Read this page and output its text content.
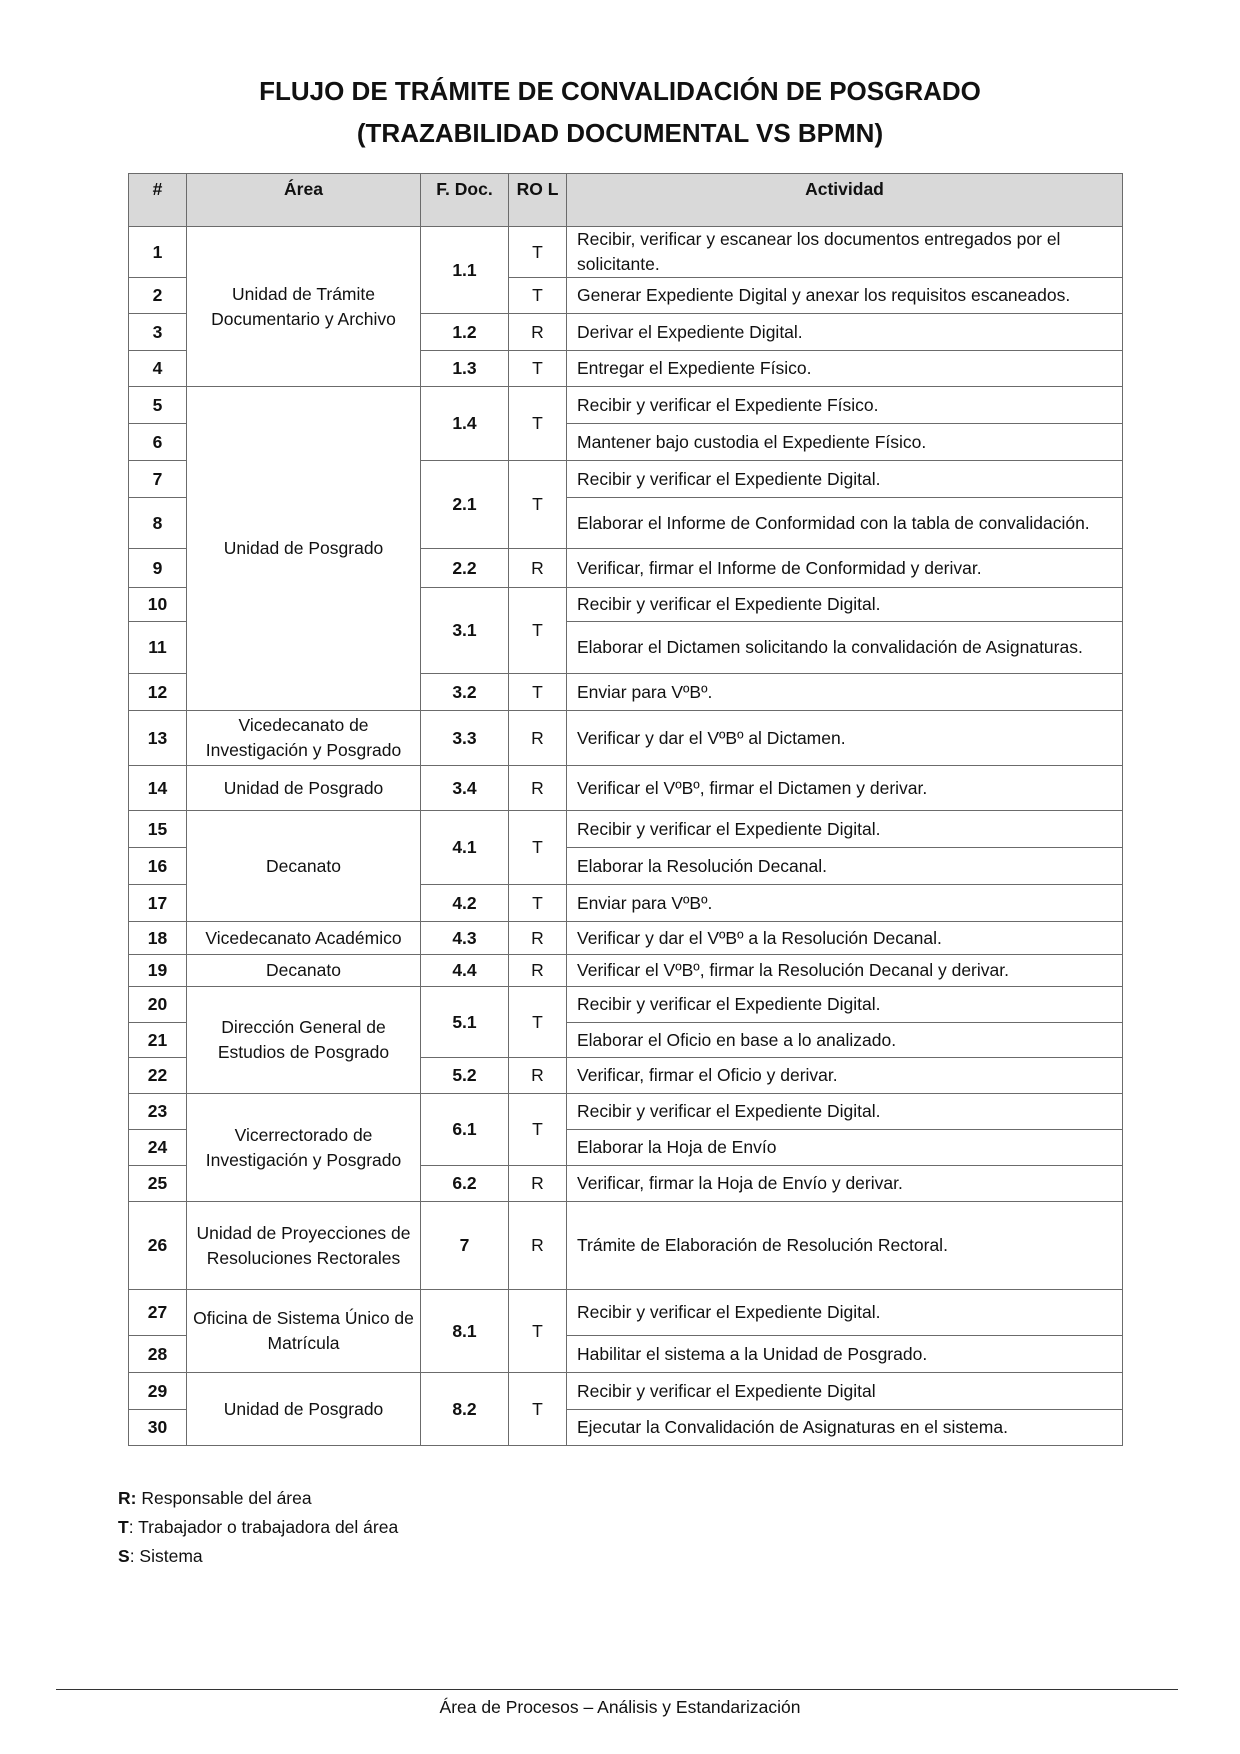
FLUJO DE TRÁMITE DE CONVALIDACIÓN DE POSGRADO
(TRAZABILIDAD DOCUMENTAL VS BPMN)
#	Área	F. Doc.	RO L	Actividad
1	Unidad de Trámite Documentario y Archivo	1.1	T	Recibir, verificar y escanear los documentos entregados por el solicitante.
2			T	Generar Expediente Digital y anexar los requisitos escaneados.
3		1.2	R	Derivar el Expediente Digital.
4		1.3	T	Entregar el Expediente Físico.
5	Unidad de Posgrado	1.4	T	Recibir y verificar el Expediente Físico.
6				Mantener bajo custodia el Expediente Físico.
7		2.1	T	Recibir y verificar el Expediente Digital.
8				Elaborar el Informe de Conformidad con la tabla de convalidación.
9		2.2	R	Verificar, firmar el Informe de Conformidad y derivar.
10		3.1	T	Recibir y verificar el Expediente Digital.
11				Elaborar el Dictamen solicitando la convalidación de Asignaturas.
12		3.2	T	Enviar para VºBº.
13	Vicedecanato de Investigación y Posgrado	3.3	R	Verificar y dar el VºBº al Dictamen.
14	Unidad de Posgrado	3.4	R	Verificar el VºBº, firmar el Dictamen y derivar.
15	Decanato	4.1	T	Recibir y verificar el Expediente Digital.
16				Elaborar la Resolución Decanal.
17		4.2	T	Enviar para VºBº.
18	Vicedecanato Académico	4.3	R	Verificar y dar el VºBº a la Resolución Decanal.
19	Decanato	4.4	R	Verificar el VºBº, firmar la Resolución Decanal y derivar.
20	Dirección General de Estudios de Posgrado	5.1	T	Recibir y verificar el Expediente Digital.
21				Elaborar el Oficio en base a lo analizado.
22		5.2	R	Verificar, firmar el Oficio y derivar.
23	Vicerrectorado de Investigación y Posgrado	6.1	T	Recibir y verificar el Expediente Digital.
24				Elaborar la Hoja de Envío
25		6.2	R	Verificar, firmar la Hoja de Envío y derivar.
26	Unidad de Proyecciones de Resoluciones Rectorales	7	R	Trámite de Elaboración de Resolución Rectoral.
27	Oficina de Sistema Único de Matrícula	8.1	T	Recibir y verificar el Expediente Digital.
28				Habilitar el sistema a la Unidad de Posgrado.
29	Unidad de Posgrado	8.2	T	Recibir y verificar el Expediente Digital
30				Ejecutar la Convalidación de Asignaturas en el sistema.
R: Responsable del área
T: Trabajador o trabajadora del área
S: Sistema
Área de Procesos – Análisis y Estandarización
